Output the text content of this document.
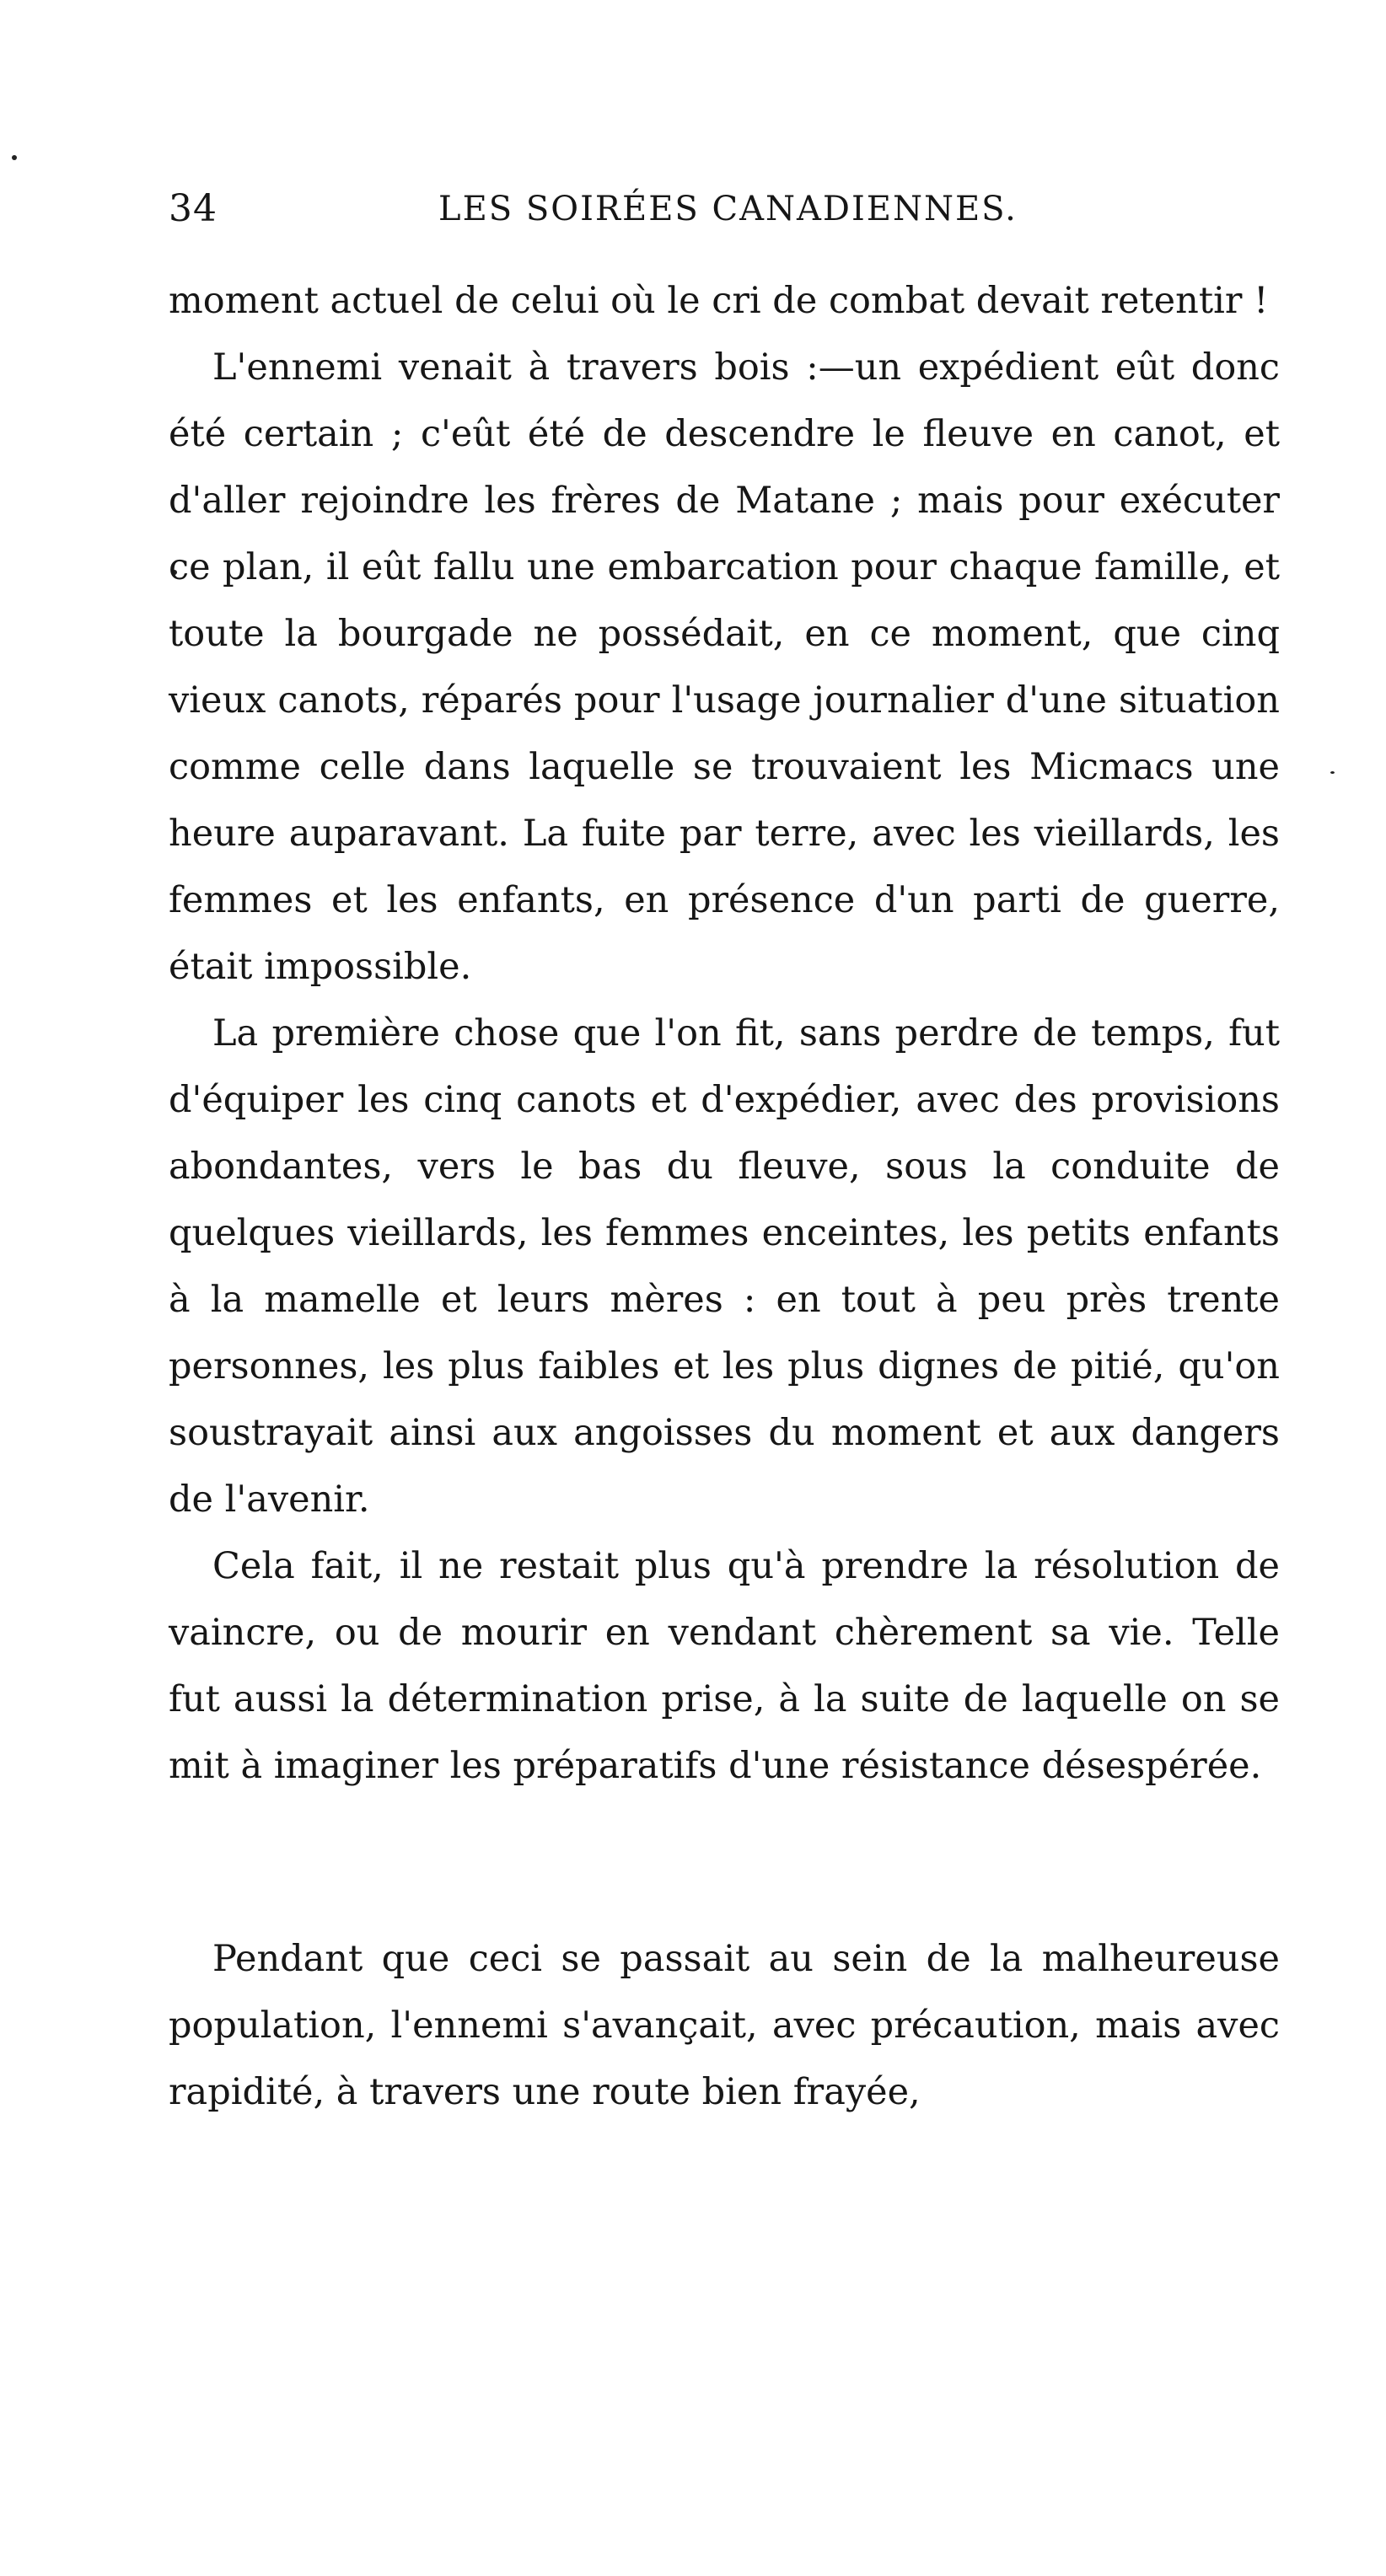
34	LES SOIRÉES CANADIENNES.

moment actuel de celui où le cri de combat devait retentir !

L'ennemi venait à travers bois :—un expédient eût donc été certain ; c'eût été de descendre le fleuve en canot, et d'aller rejoindre les frères de Matane ; mais pour exécuter ce plan, il eût fallu une embarcation pour chaque famille, et toute la bourgade ne possédait, en ce moment, que cinq vieux canots, réparés pour l'usage journalier d'une situation comme celle dans laquelle se trouvaient les Micmacs une heure auparavant. La fuite par terre, avec les vieillards, les femmes et les enfants, en présence d'un parti de guerre, était impossible.

La première chose que l'on fit, sans perdre de temps, fut d'équiper les cinq canots et d'expédier, avec des provisions abondantes, vers le bas du fleuve, sous la conduite de quelques vieillards, les femmes enceintes, les petits enfants à la mamelle et leurs mères : en tout à peu près trente personnes, les plus faibles et les plus dignes de pitié, qu'on soustrayait ainsi aux angoisses du moment et aux dangers de l'avenir.

Cela fait, il ne restait plus qu'à prendre la résolution de vaincre, ou de mourir en vendant chèrement sa vie. Telle fut aussi la détermination prise, à la suite de laquelle on se mit à imaginer les préparatifs d'une résistance désespérée.

Pendant que ceci se passait au sein de la malheureuse population, l'ennemi s'avançait, avec précaution, mais avec rapidité, à travers une route bien frayée,
